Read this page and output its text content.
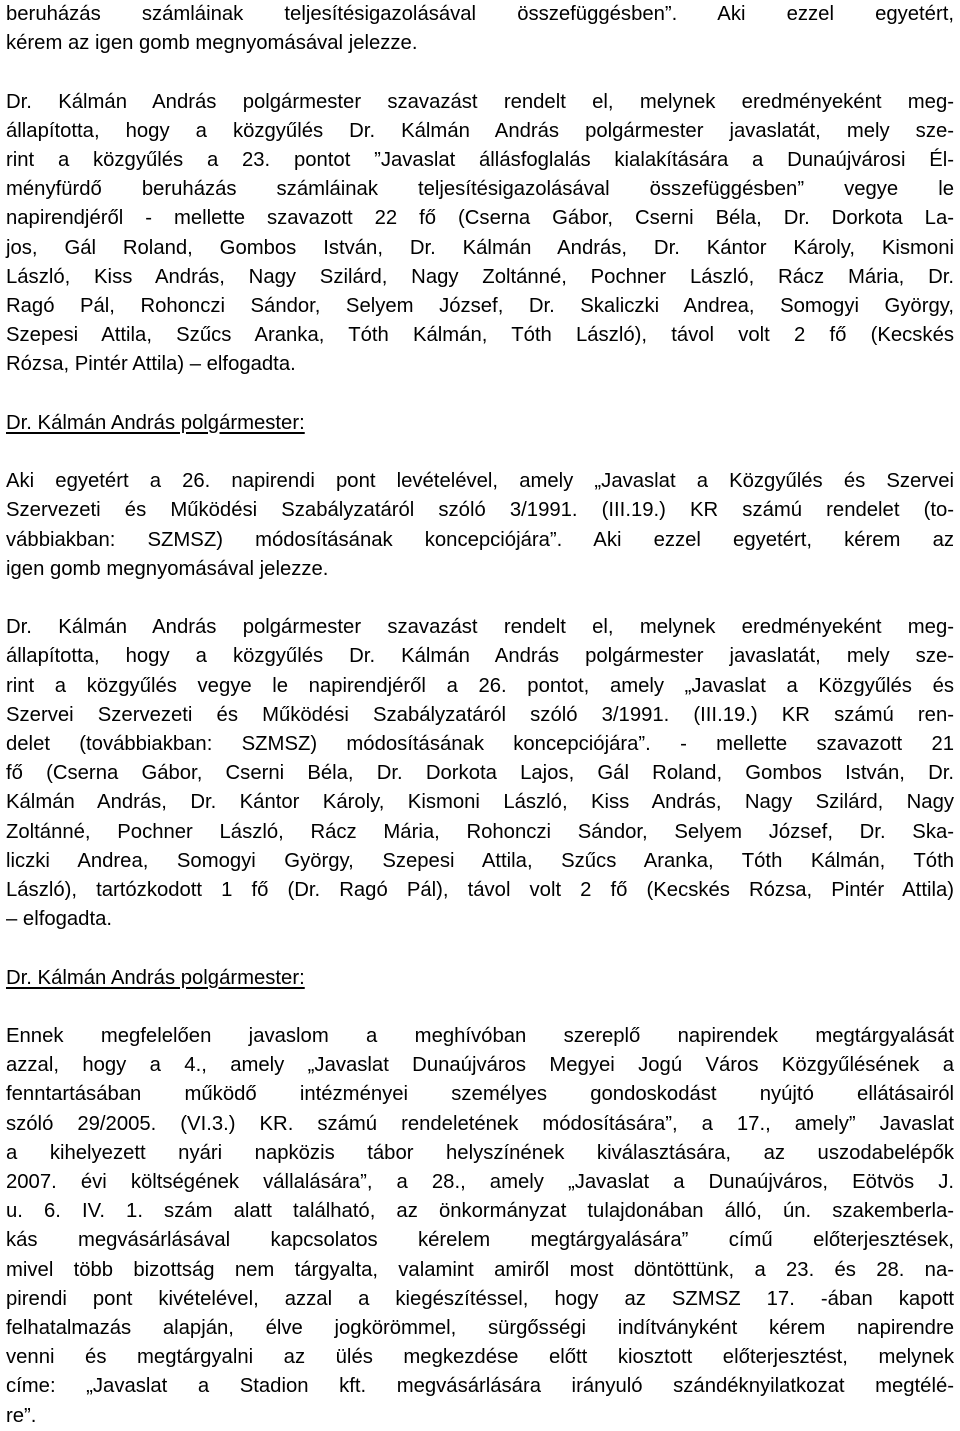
beruházás számláinak teljesítésigazolásával összefüggésben”. Aki ezzel egyetért,
kérem az igen gomb megnyomásával jelezze.

Dr. Kálmán András polgármester szavazást rendelt el, melynek eredményeként meg-
állapította, hogy a közgyűlés Dr. Kálmán András polgármester javaslatát, mely sze-
rint a közgyűlés a 23. pontot ”Javaslat állásfoglalás kialakítására a Dunaújvárosi Él-
ményfürdő beruházás számláinak teljesítésigazolásával összefüggésben” vegye le
napirendjéről - mellette szavazott 22 fő (Cserna Gábor, Cserni Béla, Dr. Dorkota La-
jos, Gál Roland, Gombos István, Dr. Kálmán András, Dr. Kántor Károly, Kismoni
László, Kiss András, Nagy Szilárd, Nagy Zoltánné, Pochner László, Rácz Mária, Dr.
Ragó Pál, Rohonczi Sándor, Selyem József, Dr. Skaliczki Andrea, Somogyi György,
Szepesi Attila, Szűcs Aranka, Tóth Kálmán, Tóth László), távol volt 2 fő (Kecskés
Rózsa, Pintér Attila) – elfogadta.

Dr. Kálmán András polgármester:

Aki egyetért a 26. napirendi pont levételével, amely „Javaslat a Közgyűlés és Szervei
Szervezeti és Működési Szabályzatáról szóló 3/1991. (III.19.) KR számú rendelet (to-
vábbiakban: SZMSZ) módosításának koncepciójára”. Aki ezzel egyetért, kérem az
igen gomb megnyomásával jelezze.

Dr. Kálmán András polgármester szavazást rendelt el, melynek eredményeként meg-
állapította, hogy a közgyűlés Dr. Kálmán András polgármester javaslatát, mely sze-
rint a közgyűlés vegye le napirendjéről a 26. pontot, amely „Javaslat a Közgyűlés és
Szervei Szervezeti és Működési Szabályzatáról szóló 3/1991. (III.19.) KR számú ren-
delet (továbbiakban: SZMSZ) módosításának koncepciójára”. - mellette szavazott 21
fő (Cserna Gábor, Cserni Béla, Dr. Dorkota Lajos, Gál Roland, Gombos István, Dr.
Kálmán András, Dr. Kántor Károly, Kismoni László, Kiss András, Nagy Szilárd, Nagy
Zoltánné, Pochner László, Rácz Mária, Rohonczi Sándor, Selyem József, Dr. Ska-
liczki Andrea, Somogyi György, Szepesi Attila, Szűcs Aranka, Tóth Kálmán, Tóth
László), tartózkodott 1 fő (Dr. Ragó Pál), távol volt 2 fő (Kecskés Rózsa, Pintér Attila)
– elfogadta.

Dr. Kálmán András polgármester:

Ennek megfelelően javaslom a meghívóban szereplő napirendek megtárgyalását
azzal, hogy a 4., amely „Javaslat Dunaújváros Megyei Jogú Város Közgyűlésének a
fenntartásában működő intézményei személyes gondoskodást nyújtó ellátásairól
szóló 29/2005. (VI.3.) KR. számú rendeletének módosítására”, a 17., amely” Javaslat
a kihelyezett nyári napközis tábor helyszínének kiválasztására, az uszodabelépők
2007. évi költségének vállalására”, a 28., amely „Javaslat a Dunaújváros, Eötvös J.
u. 6. IV. 1. szám alatt található, az önkormányzat tulajdonában álló, ún. szakemberla-
kás megvásárlásával kapcsolatos kérelem megtárgyalására” című előterjesztések,
mivel több bizottság nem tárgyalta, valamint amiről most döntöttünk, a 23. és 28. na-
pirendi pont kivételével, azzal a kiegészítéssel, hogy az SZMSZ 17. -ában kapott
felhatalmazás alapján, élve jogkörömmel, sürgősségi indítványként kérem napirendre
venni és megtárgyalni az ülés megkezdése előtt kiosztott előterjesztést, melynek
címe: „Javaslat a Stadion kft. megvásárlására irányuló szándéknyilatkozat megtélé-
re”.
